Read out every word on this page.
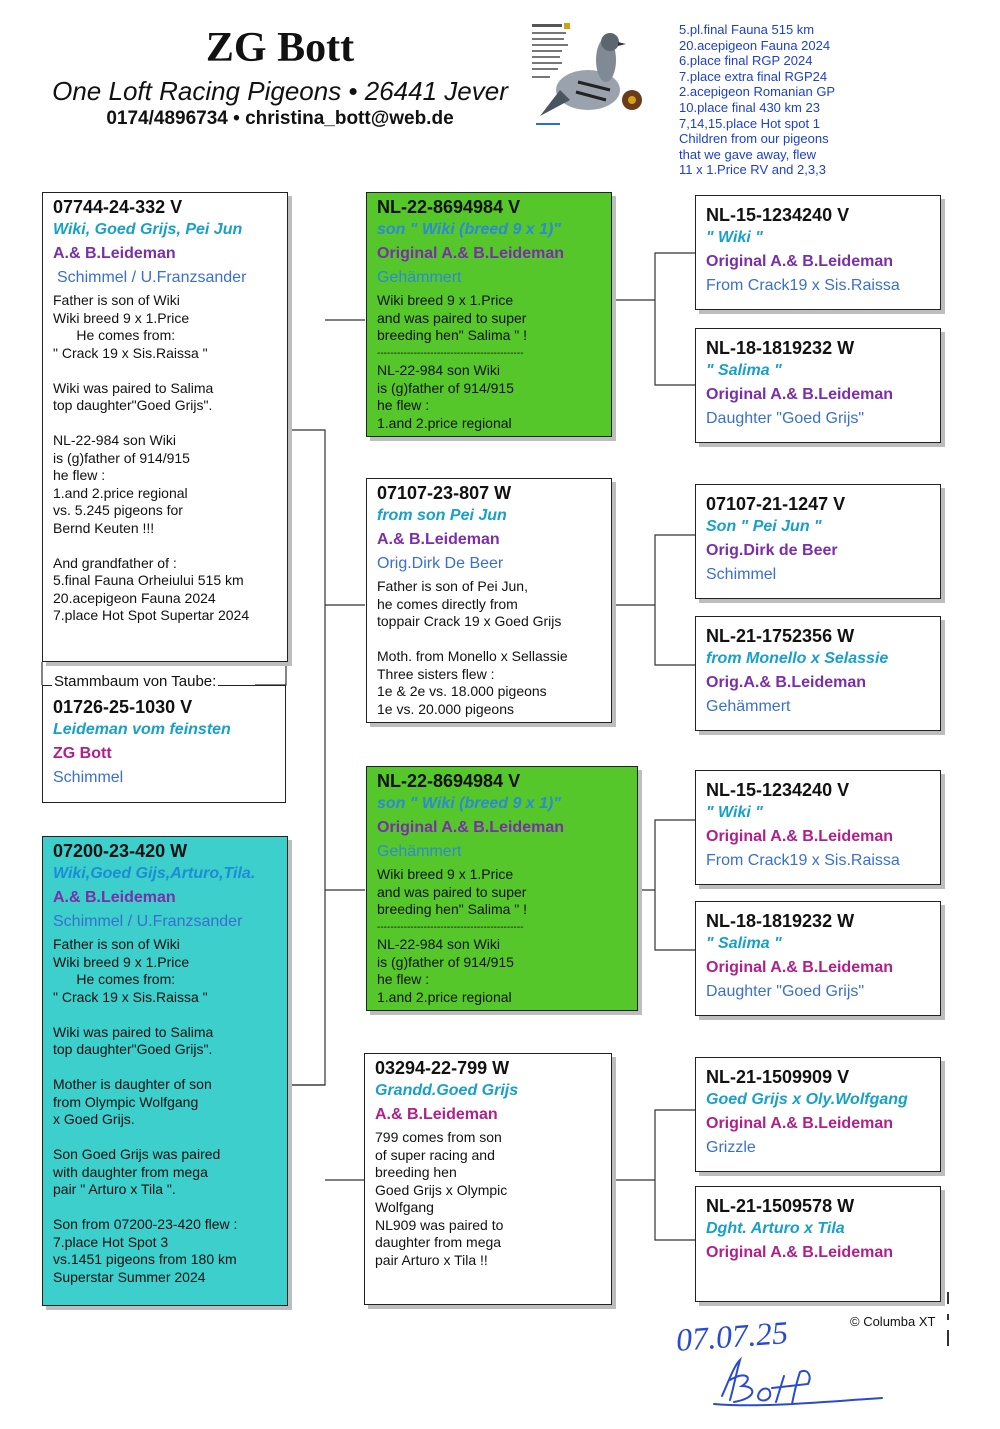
ZG Bott
One Loft Racing Pigeons • 26441 Jever
0174/4896734 • christina_bott@web.de
5.pl.final Fauna 515 km
20.acepigeon Fauna 2024
6.place final RGP 2024
7.place extra final RGP24
2.acepigeon Romanian GP
10.place final 430 km 23
7,14,15.place Hot spot 1
Children from our pigeons
that we gave away, flew
11 x 1.Price RV and 2,3,3
07744-24-332 V
Wiki, Goed Grijs, Pei Jun
A.& B.Leideman
Schimmel / U.Franzsander
Father is son of Wiki
Wiki breed 9 x 1.Price
He comes from:
" Crack 19 x Sis.Raissa "
Wiki was paired to Salima
top daughter"Goed Grijs".
NL-22-984 son Wiki
is (g)father of 914/915
he flew :
1.and 2.price regional
vs. 5.245 pigeons for
Bernd Keuten !!!
And grandfather of :
5.final Fauna Orheiului 515 km
20.acepigeon Fauna 2024
7.place Hot Spot Supertar 2024
01726-25-1030 V
Leideman vom feinsten
ZG Bott
Schimmel
Stammbaum von Taube:
07200-23-420 W
Wiki,Goed Gijs,Arturo,Tila.
A.& B.Leideman
Schimmel / U.Franzsander
Father is son of Wiki
Wiki breed 9 x 1.Price
He comes from:
" Crack 19 x Sis.Raissa "
Wiki was paired to Salima
top daughter"Goed Grijs".
Mother is daughter of son
from Olympic Wolfgang
x Goed Grijs.
Son Goed Grijs was paired
with daughter from mega
pair " Arturo x Tila ".
Son from 07200-23-420 flew :
7.place Hot Spot 3
vs.1451 pigeons from 180 km
Superstar Summer 2024
NL-22-8694984 V
son " Wiki (breed 9 x 1)"
Original A.& B.Leideman
Gehämmert
Wiki breed 9 x 1.Price
and was paired to super
breeding hen" Salima " !
--------------------------------------------
NL-22-984 son Wiki
is (g)father of 914/915
he flew :
1.and 2.price regional
07107-23-807 W
from son Pei Jun
A.& B.Leideman
Orig.Dirk De Beer
Father is son of Pei Jun,
he comes directly from
toppair Crack 19 x Goed Grijs
Moth. from Monello x Sellassie
Three sisters flew :
1e & 2e vs. 18.000 pigeons
1e vs. 20.000 pigeons
NL-22-8694984 V
son " Wiki (breed 9 x 1)"
Original A.& B.Leideman
Gehämmert
Wiki breed 9 x 1.Price
and was paired to super
breeding hen" Salima " !
--------------------------------------------
NL-22-984 son Wiki
is (g)father of 914/915
he flew :
1.and 2.price regional
03294-22-799 W
Grandd.Goed Grijs
A.& B.Leideman
799 comes from son
of super racing and
breeding hen
Goed Grijs x Olympic
Wolfgang
NL909 was paired to
daughter from mega
pair Arturo x Tila !!
NL-15-1234240 V
" Wiki "
Original A.& B.Leideman
From Crack19 x Sis.Raissa
NL-18-1819232 W
" Salima "
Original A.& B.Leideman
Daughter "Goed Grijs"
07107-21-1247 V
Son " Pei Jun "
Orig.Dirk de Beer
Schimmel
NL-21-1752356 W
from Monello x Selassie
Orig.A.& B.Leideman
Gehämmert
NL-15-1234240 V
" Wiki "
Original A.& B.Leideman
From Crack19 x Sis.Raissa
NL-18-1819232 W
" Salima "
Original A.& B.Leideman
Daughter "Goed Grijs"
NL-21-1509909 V
Goed Grijs x Oly.Wolfgang
Original A.& B.Leideman
Grizzle
NL-21-1509578 W
Dght. Arturo x Tila
Original A.& B.Leideman
© Columba XT
07.07.25
